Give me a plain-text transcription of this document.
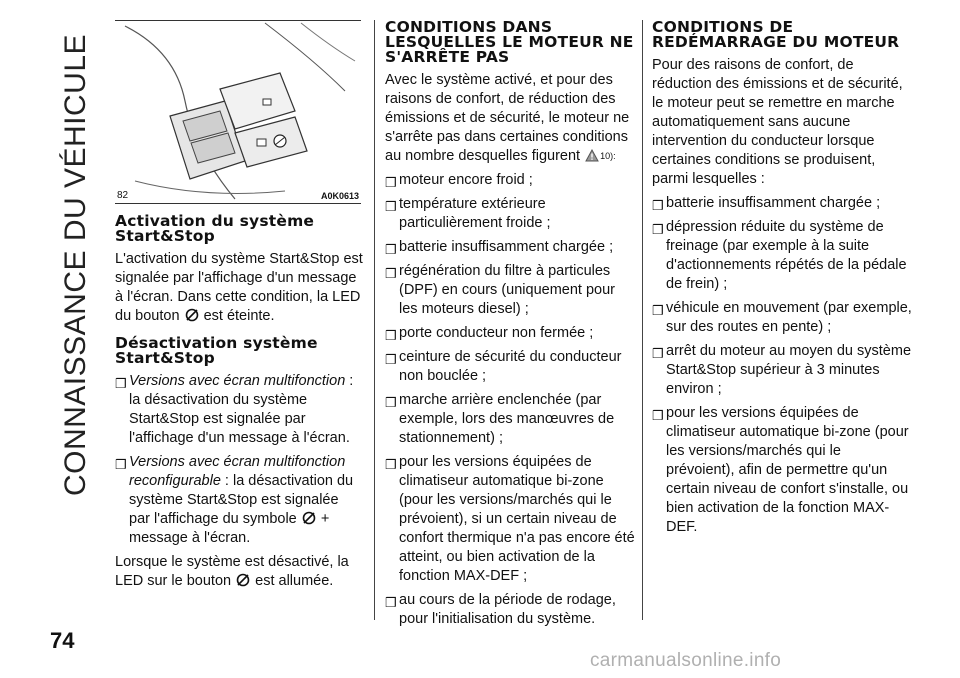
CONNAISSANCE DU VÉHICULE
74
82	A0K0613
Activation du système Start&Stop

L'activation du système Start&Stop est signalée par l'affichage d'un message à l'écran. Dans cette condition, la LED du bouton est éteinte.

Désactivation système Start&Stop
❒ Versions avec écran multifonction : la désactivation du système Start&Stop est signalée par l'affichage d'un message à l'écran.
❒ Versions avec écran multifonction reconfigurable : la désactivation du système Start&Stop est signalée par l'affichage du symbole + message à l'écran.

Lorsque le système est désactivé, la LED sur le bouton est allumée.

CONDITIONS DANS LESQUELLES LE MOTEUR NE S'ARRÊTE PAS

Avec le système activé, et pour des raisons de confort, de réduction des émissions et de sécurité, le moteur ne s'arrête pas dans certaines conditions au nombre desquelles figurent $^{10):}$

❒ moteur encore froid ;
❒ température extérieure particulièrement froide ;
❒ batterie insuffisamment chargée ;
❒ régénération du filtre à particules (DPF) en cours (uniquement pour les moteurs diesel) ;
❒ porte conducteur non fermée ;
❒ ceinture de sécurité du conducteur non bouclée ;
❒ marche arrière enclenchée (par exemple, lors des manœuvres de stationnement) ;
❒ pour les versions équipées de climatiseur automatique bi-zone (pour les versions/marchés qui le prévoient), si un certain niveau de confort thermique n'a pas encore été atteint, ou bien activation de la fonction MAX-DEF ;
❒ au cours de la période de rodage, pour l'initialisation du système.
CONDITIONS DE REDÉMARRAGE DU MOTEUR

Pour des raisons de confort, de réduction des émissions et de sécurité, le moteur peut se remettre en marche automatiquement sans aucune intervention du conducteur lorsque certaines conditions se produisent, parmi lesquelles :

❒ batterie insuffisamment chargée ;
❒ dépression réduite du système de freinage (par exemple à la suite d'actionnements répétés de la pédale de frein) ;
❒ véhicule en mouvement (par exemple, sur des routes en pente) ;
❒ arrêt du moteur au moyen du système Start&Stop supérieur à 3 minutes environ ;
❒ pour les versions équipées de climatiseur automatique bi-zone (pour les versions/marchés qui le prévoient), afin de permettre qu'un certain niveau de confort s'installe, ou bien activation de la fonction MAX-DEF.
carmanualsonline.info
